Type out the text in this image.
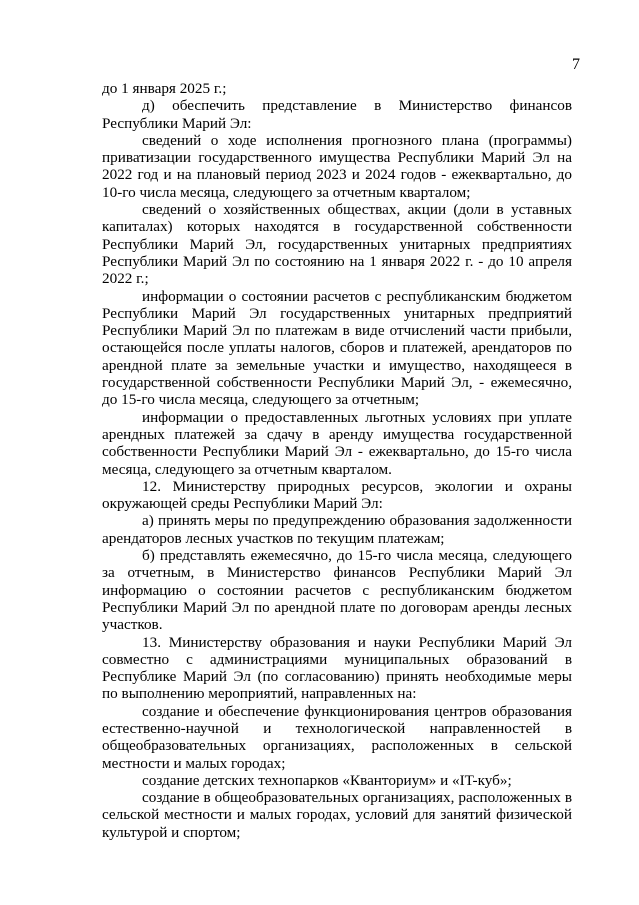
7

до 1 января 2025 г.;

д) обеспечить представление в Министерство финансов Республики Марий Эл:

сведений о ходе исполнения прогнозного плана (программы) приватизации государственного имущества Республики Марий Эл на 2022 год и на плановый период 2023 и 2024 годов - ежеквартально, до 10-го числа месяца, следующего за отчетным кварталом;

сведений о хозяйственных обществах, акции (доли в уставных капиталах) которых находятся в государственной собственности Республики Марий Эл, государственных унитарных предприятиях Республики Марий Эл по состоянию на 1 января 2022 г. - до 10 апреля 2022 г.;

информации о состоянии расчетов с республиканским бюджетом Республики Марий Эл государственных унитарных предприятий Республики Марий Эл по платежам в виде отчислений части прибыли, остающейся после уплаты налогов, сборов и платежей, арендаторов по арендной плате за земельные участки и имущество, находящееся в государственной собственности Республики Марий Эл, - ежемесячно, до 15-го числа месяца, следующего за отчетным;

информации о предоставленных льготных условиях при уплате арендных платежей за сдачу в аренду имущества государственной собственности Республики Марий Эл - ежеквартально, до 15-го числа месяца, следующего за отчетным кварталом.

12. Министерству природных ресурсов, экологии и охраны окружающей среды Республики Марий Эл:

а) принять меры по предупреждению образования задолженности арендаторов лесных участков по текущим платежам;

б) представлять ежемесячно, до 15-го числа месяца, следующего за отчетным, в Министерство финансов Республики Марий Эл информацию о состоянии расчетов с республиканским бюджетом Республики Марий Эл по арендной плате по договорам аренды лесных участков.

13. Министерству образования и науки Республики Марий Эл совместно с администрациями муниципальных образований в Республике Марий Эл (по согласованию) принять необходимые меры по выполнению мероприятий, направленных на:

создание и обеспечение функционирования центров образования естественно-научной и технологической направленностей в общеобразовательных организациях, расположенных в сельской местности и малых городах;

создание детских технопарков «Кванториум» и «IT-куб»;

создание в общеобразовательных организациях, расположенных в сельской местности и малых городах, условий для занятий физической культурой и спортом;
